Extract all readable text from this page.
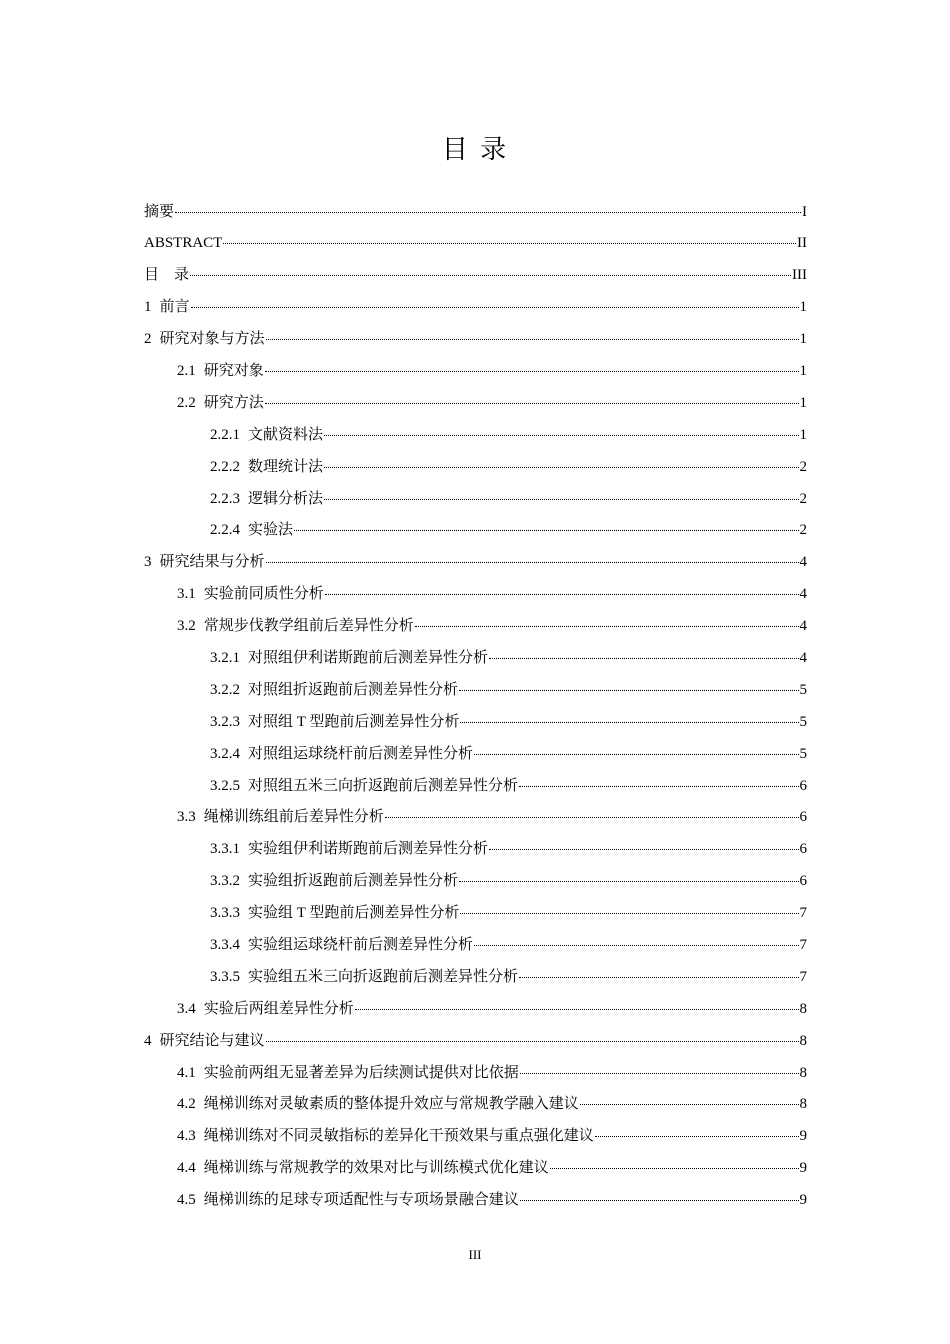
目 录
摘要	I
ABSTRACT	II
目    录	III
1 前言	1
2 研究对象与方法	1
2.1 研究对象	1
2.2 研究方法	1
2.2.1 文献资料法	1
2.2.2 数理统计法	2
2.2.3 逻辑分析法	2
2.2.4 实验法	2
3 研究结果与分析	4
3.1 实验前同质性分析	4
3.2 常规步伐教学组前后差异性分析	4
3.2.1 对照组伊利诺斯跑前后测差异性分析	4
3.2.2 对照组折返跑前后测差异性分析	5
3.2.3 对照组 T 型跑前后测差异性分析	5
3.2.4 对照组运球绕杆前后测差异性分析	5
3.2.5 对照组五米三向折返跑前后测差异性分析	6
3.3 绳梯训练组前后差异性分析	6
3.3.1 实验组伊利诺斯跑前后测差异性分析	6
3.3.2 实验组折返跑前后测差异性分析	6
3.3.3 实验组 T 型跑前后测差异性分析	7
3.3.4 实验组运球绕杆前后测差异性分析	7
3.3.5 实验组五米三向折返跑前后测差异性分析	7
3.4 实验后两组差异性分析	8
4 研究结论与建议	8
4.1 实验前两组无显著差异为后续测试提供对比依据	8
4.2 绳梯训练对灵敏素质的整体提升效应与常规教学融入建议	8
4.3 绳梯训练对不同灵敏指标的差异化干预效果与重点强化建议	9
4.4 绳梯训练与常规教学的效果对比与训练模式优化建议	9
4.5 绳梯训练的足球专项适配性与专项场景融合建议	9
III
